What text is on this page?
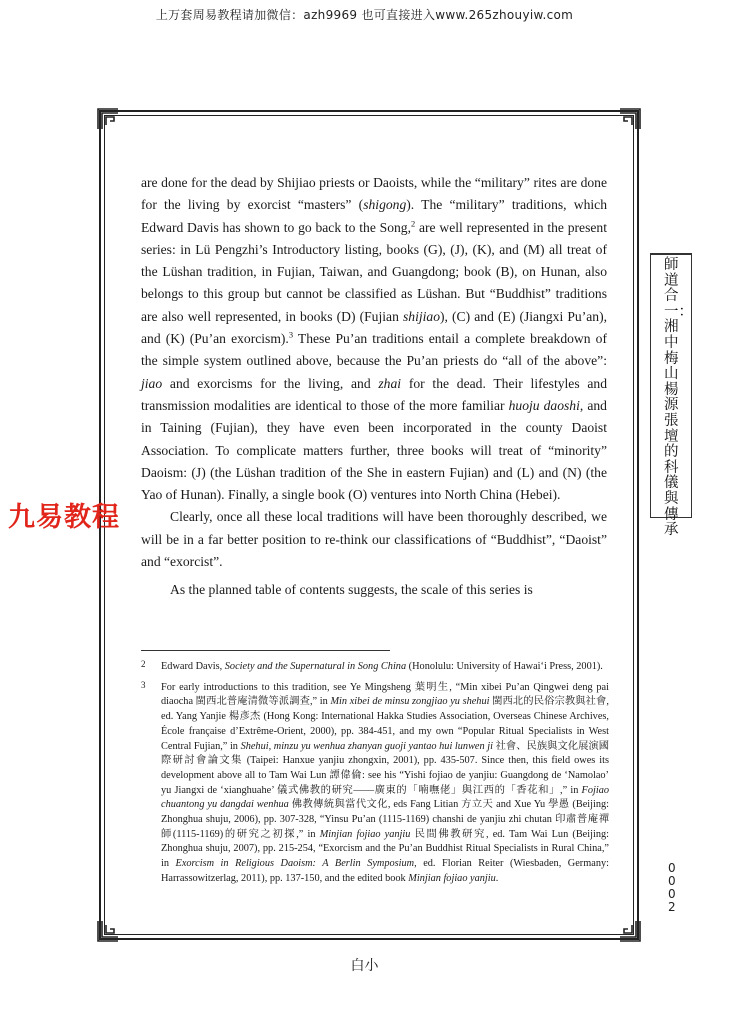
上万套周易教程请加微信：azh9969 也可直接进入www.265zhouyiw.com

are done for the dead by Shijiao priests or Daoists, while the “military” rites are done for the living by exorcist “masters” (shigong). The “military” traditions, which Edward Davis has shown to go back to the Song,$^2$ are well represented in the present series: in Lü Pengzhi’s Introductory listing, books (G), (J), (K), and (M) all treat of the Lüshan tradition, in Fujian, Taiwan, and Guangdong; book (B), on Hunan, also belongs to this group but cannot be classified as Lüshan. But “Buddhist” traditions are also well represented, in books (D) (Fujian shijiao), (C) and (E) (Jiangxi Pu’an), and (K) (Pu’an exorcism).$^3$ These Pu’an traditions entail a complete breakdown of the simple system outlined above, because the Pu’an priests do “all of the above”: jiao and exorcisms for the living, and zhai for the dead. Their lifestyles and transmission modalities are identical to those of the more familiar huoju daoshi, and in Taining (Fujian), they have even been incorporated in the county Daoist Association. To complicate matters further, three books will treat of “minority” Daoism: (J) (the Lüshan tradition of the She in eastern Fujian) and (L) and (N) (the Yao of Hunan). Finally, a single book (O) ventures into North China (Hebei).

Clearly, once all these local traditions will have been thoroughly described, we will be in a far better position to re-think our classifications of “Buddhist”, “Daoist” and “exorcist”.

As the planned table of contents suggests, the scale of this series is

2 Edward Davis, Society and the Supernatural in Song China (Honolulu: University of Hawai‘i Press, 2001).
3 For early introductions to this tradition, see Ye Mingsheng 葉明生, “Min xibei Pu’an Qingwei deng pai diaocha 閩西北普庵清微等派調查,” in Min xibei de minsu zongjiao yu shehui 閩西北的民俗宗教與社會, ed. Yang Yanjie 楊彥杰 (Hong Kong: International Hakka Studies Association, Overseas Chinese Archives, École française d’Extrême-Orient, 2000), pp. 384-451, and my own “Popular Ritual Specialists in West Central Fujian,” in Shehui, minzu yu wenhua zhanyan guoji yantao hui lunwen ji 社會、民族與文化展演國際研討會論文集 (Taipei: Hanxue yanjiu zhongxin, 2001), pp. 435-507. Since then, this field owes its development above all to Tam Wai Lun 譚偉倫: see his “Yishi fojiao de yanjiu: Guangdong de ‘Namolao’ yu Jiangxi de ‘xianghuahe’ 儀式佛教的研究——廣東的「喃嘸佬」與江西的「香花和」,” in Fojiao chuantong yu dangdai wenhua 佛教傳統與當代文化, eds Fang Litian 方立天 and Xue Yu 學愚 (Beijing: Zhonghua shuju, 2006), pp. 307-328, “Yinsu Pu’an (1115-1169) chanshi de yanjiu zhi chutan 印肅普庵禪師(1115-1169)的研究之初探,” in Minjian fojiao yanjiu 民間佛教研究, ed. Tam Wai Lun (Beijing: Zhonghua shuju, 2007), pp. 215-254, “Exorcism and the Pu’an Buddhist Ritual Specialists in Rural China,” in Exorcism in Religious Daoism: A Berlin Symposium, ed. Florian Reiter (Wiesbaden, Germany: Harrassowitzerlag, 2011), pp. 137-150, and the edited book Minjian fojiao yanjiu.
師道合一：湘中梅山楊源張壇的科儀與傳承
0002
九易教程
白小
